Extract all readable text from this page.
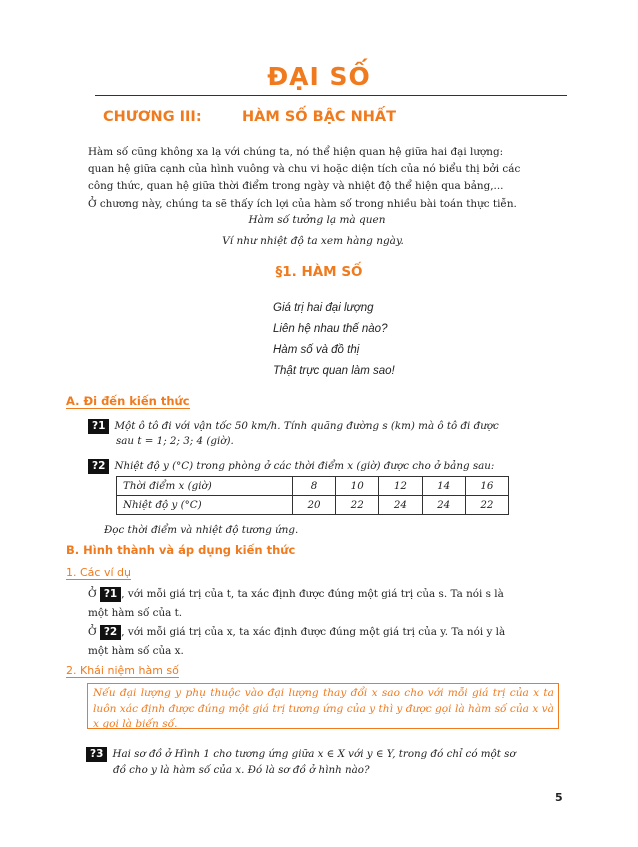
ĐẠI SỐ
CHƯƠNG III:	HÀM SỐ BẬC NHẤT
Hàm số cũng không xa lạ với chúng ta, nó thể hiện quan hệ giữa hai đại lượng:
quan hệ giữa cạnh của hình vuông và chu vi hoặc diện tích của nó biểu thị bởi các
công thức, quan hệ giữa thời điểm trong ngày và nhiệt độ thể hiện qua bảng,...
Ở chương này, chúng ta sẽ thấy ích lợi của hàm số trong nhiều bài toán thực tiễn.
Hàm số tưởng lạ mà quen
Ví như nhiệt độ ta xem hàng ngày.
§1. HÀM SỐ
Giá trị hai đại lượng
Liên hệ nhau thế nào?
Hàm số và đồ thị
Thật trực quan làm sao!
A. Đi đến kiến thức
?1 Một ô tô đi với vận tốc 50 km/h. Tính quãng đường s (km) mà ô tô đi được
sau t = 1; 2; 3; 4 (giờ).
?2 Nhiệt độ y (°C) trong phòng ở các thời điểm x (giờ) được cho ở bảng sau:
Thời điểm x (giờ)	8	10	12	14	16
Nhiệt độ y (°C)	20	22	24	24	22
Đọc thời điểm và nhiệt độ tương ứng.
B. Hình thành và áp dụng kiến thức
1. Các ví dụ
Ở ?1 , với mỗi giá trị của t, ta xác định được đúng một giá trị của s. Ta nói s là
một hàm số của t.
Ở ?2 , với mỗi giá trị của x, ta xác định được đúng một giá trị của y. Ta nói y là
một hàm số của x.
2. Khái niệm hàm số
Nếu đại lượng y phụ thuộc vào đại lượng thay đổi x sao cho với mỗi giá trị của x ta luôn xác định được đúng một giá trị tương ứng của y thì y được gọi là hàm số của x và x gọi là biến số.
?3 Hai sơ đồ ở Hình 1 cho tương ứng giữa x ∈ X với y ∈ Y, trong đó chỉ có một sơ
đồ cho y là hàm số của x. Đó là sơ đồ ở hình nào?
5
